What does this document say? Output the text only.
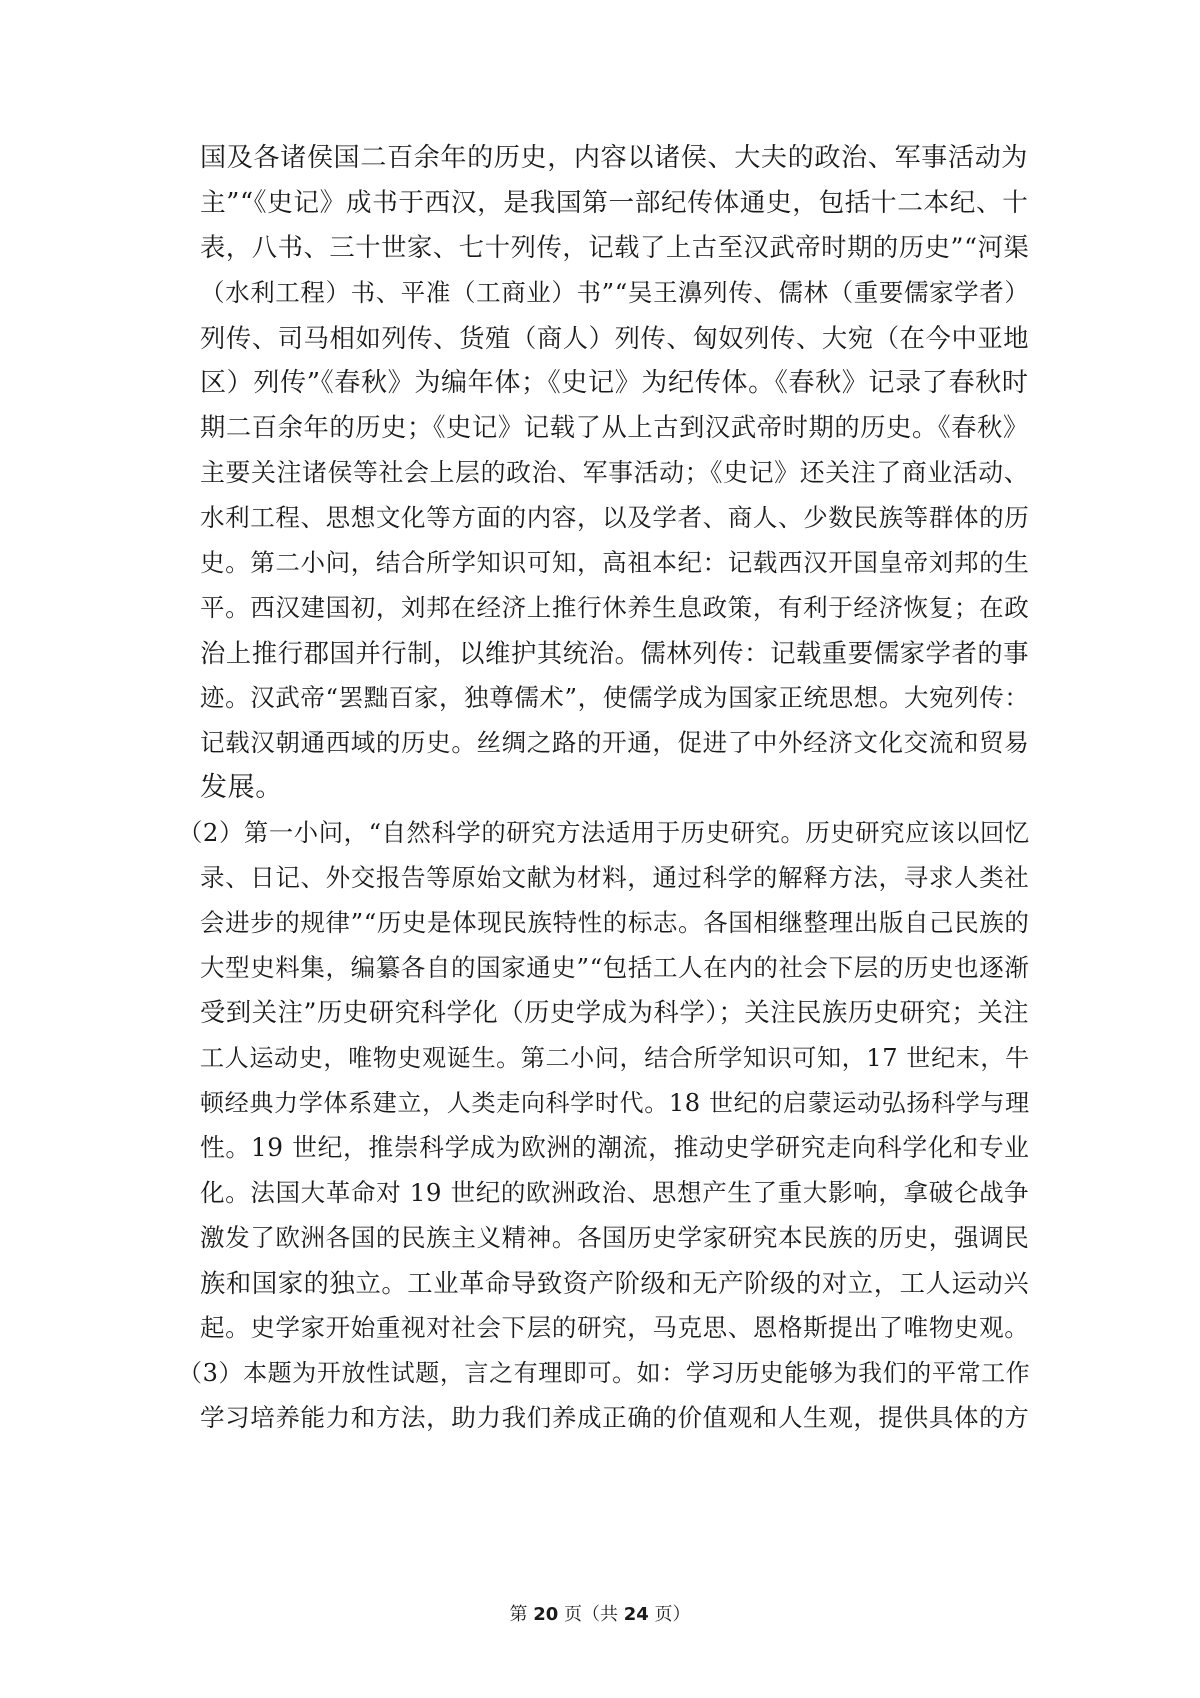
国及各诸侯国二百余年的历史，内容以诸侯、大夫的政治、军事活动为
主”“《史记》成书于西汉，是我国第一部纪传体通史，包括十二本纪、十
表，八书、三十世家、七十列传，记载了上古至汉武帝时期的历史”“河渠
（水利工程）书、平准（工商业）书”“吴王濞列传、儒林（重要儒家学者）
列传、司马相如列传、货殖（商人）列传、匈奴列传、大宛（在今中亚地
区）列传”《春秋》为编年体；《史记》为纪传体。《春秋》记录了春秋时
期二百余年的历史；《史记》记载了从上古到汉武帝时期的历史。《春秋》
主要关注诸侯等社会上层的政治、军事活动；《史记》还关注了商业活动、
水利工程、思想文化等方面的内容，以及学者、商人、少数民族等群体的历
史。第二小问，结合所学知识可知，高祖本纪：记载西汉开国皇帝刘邦的生
平。西汉建国初，刘邦在经济上推行休养生息政策，有利于经济恢复；在政
治上推行郡国并行制，以维护其统治。儒林列传：记载重要儒家学者的事
迹。汉武帝“罢黜百家，独尊儒术”，使儒学成为国家正统思想。大宛列传：
记载汉朝通西域的历史。丝绸之路的开通，促进了中外经济文化交流和贸易
发展。
（2）第一小问，“自然科学的研究方法适用于历史研究。历史研究应该以回忆
录、日记、外交报告等原始文献为材料，通过科学的解释方法，寻求人类社
会进步的规律”“历史是体现民族特性的标志。各国相继整理出版自己民族的
大型史料集，编纂各自的国家通史”“包括工人在内的社会下层的历史也逐渐
受到关注”历史研究科学化（历史学成为科学）；关注民族历史研究；关注
工人运动史，唯物史观诞生。第二小问，结合所学知识可知，17 世纪末，牛
顿经典力学体系建立，人类走向科学时代。18 世纪的启蒙运动弘扬科学与理
性。19 世纪，推崇科学成为欧洲的潮流，推动史学研究走向科学化和专业
化。法国大革命对 19 世纪的欧洲政治、思想产生了重大影响，拿破仑战争
激发了欧洲各国的民族主义精神。各国历史学家研究本民族的历史，强调民
族和国家的独立。工业革命导致资产阶级和无产阶级的对立，工人运动兴
起。史学家开始重视对社会下层的研究，马克思、恩格斯提出了唯物史观。
（3）本题为开放性试题，言之有理即可。如：学习历史能够为我们的平常工作
学习培养能力和方法，助力我们养成正确的价值观和人生观，提供具体的方
第 20 页（共 24 页）
